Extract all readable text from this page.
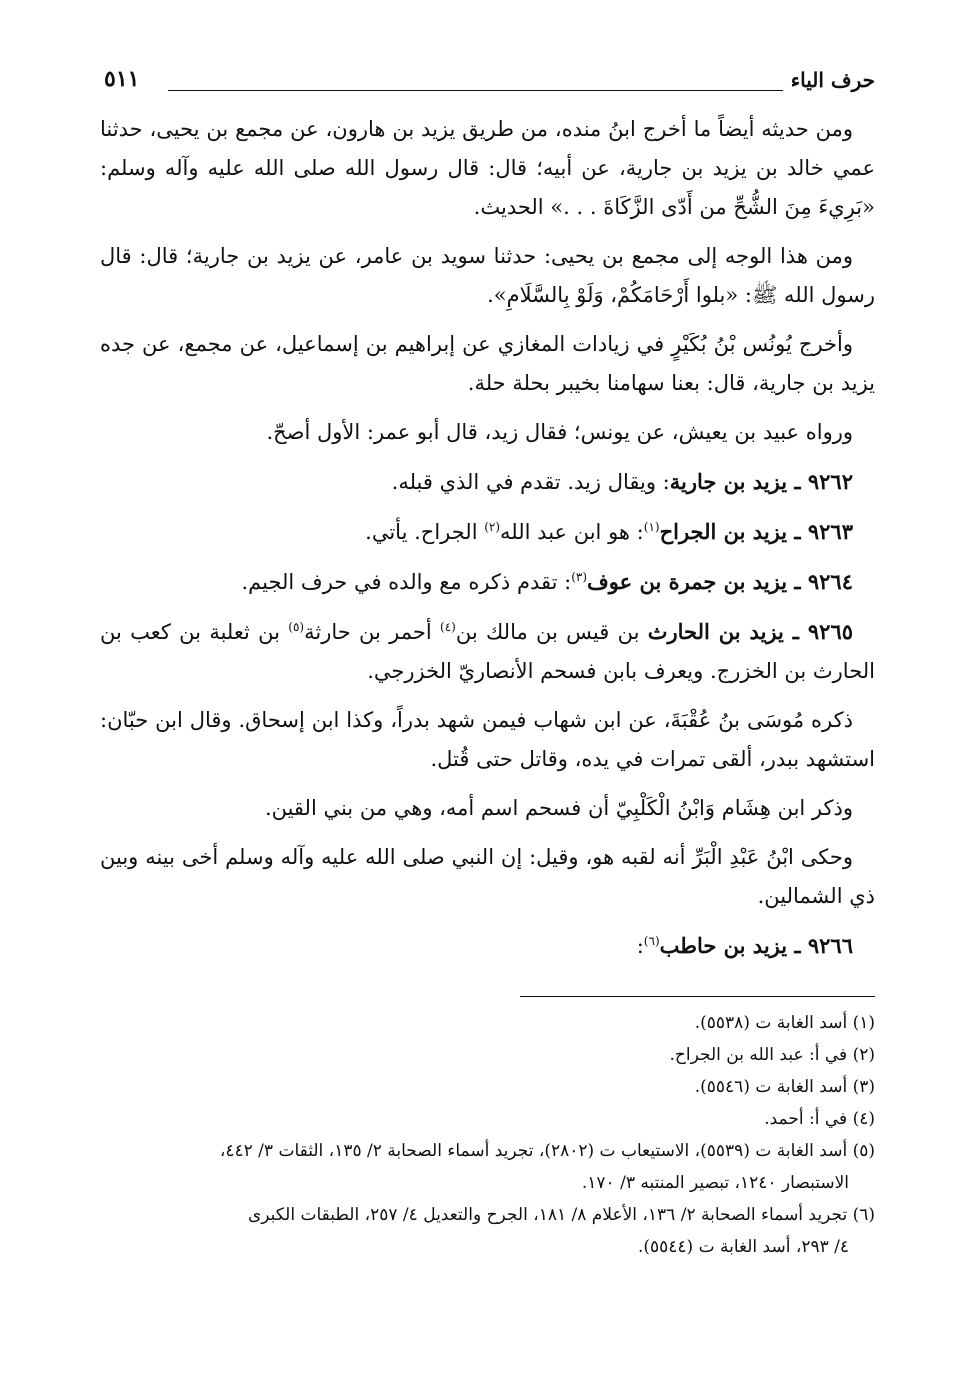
حرف الياء
٥١١

ومن حديثه أيضاً ما أخرج ابنُ منده، من طريق يزيد بن هارون، عن مجمع بن يحيى، حدثنا عمي خالد بن يزيد بن جارية، عن أبيه؛ قال: قال رسول الله صلى الله عليه وآله وسلم: «بَرِيءَ مِنَ الشُّحِّ من أَدّى الزَّكَاةَ . . .» الحديث.

ومن هذا الوجه إلى مجمع بن يحيى: حدثنا سويد بن عامر، عن يزيد بن جارية؛ قال: قال رسول الله ﷺ: «بلوا أَرْحَامَكُمْ، وَلَوْ بِالسَّلَامِ».

وأخرج يُونُس بْنُ بُكَيْرٍ في زيادات المغازي عن إبراهيم بن إسماعيل، عن مجمع، عن جده يزيد بن جارية، قال: بعنا سهامنا بخيبر بحلة حلة.

ورواه عبيد بن يعيش، عن يونس؛ فقال زيد، قال أبو عمر: الأول أصحّ.

٩٢٦٢ ـ يزيد بن جارية: ويقال زيد. تقدم في الذي قبله.

٩٢٦٣ ـ يزيد بن الجراح$^{(١)}$: هو ابن عبد الله$^{(٢)}$ الجراح. يأتي.

٩٢٦٤ ـ يزيد بن جمرة بن عوف$^{(٣)}$: تقدم ذكره مع والده في حرف الجيم.

٩٢٦٥ ـ يزيد بن الحارث بن قيس بن مالك بن$^{(٤)}$ أحمر بن حارثة$^{(٥)}$ بن ثعلبة بن كعب بن الحارث بن الخزرج. ويعرف بابن فسحم الأنصاريّ الخزرجي.

ذكره مُوسَى بنُ عُقْبَةَ، عن ابن شهاب فيمن شهد بدراً، وكذا ابن إسحاق. وقال ابن حبّان: استشهد ببدر، ألقى تمرات في يده، وقاتل حتى قُتل.

وذكر ابن هِشَام وَابْنُ الْكَلْبِيّ أن فسحم اسم أمه، وهي من بني القين.

وحكى ابْنُ عَبْدِ الْبَرِّ أنه لقبه هو، وقيل: إن النبي صلى الله عليه وآله وسلم أخى بينه وبين ذي الشمالين.

٩٢٦٦ ـ يزيد بن حاطب$^{(٦)}$:

(١) أسد الغابة ت (٥٥٣٨).

(٢) في أ: عبد الله بن الجراح.

(٣) أسد الغابة ت (٥٥٤٦).

(٤) في أ: أحمد.

(٥) أسد الغابة ت (٥٥٣٩)، الاستيعاب ت (٢٨٠٢)، تجريد أسماء الصحابة ٢/ ١٣٥، الثقات ٣/ ٤٤٢،
الاستبصار ١٢٤٠، تبصير المنتبه ٣/ ١٧٠.

(٦) تجريد أسماء الصحابة ٢/ ١٣٦، الأعلام ٨/ ١٨١، الجرح والتعديل ٤/ ٢٥٧، الطبقات الكبرى
٤/ ٢٩٣، أسد الغابة ت (٥٥٤٤).
